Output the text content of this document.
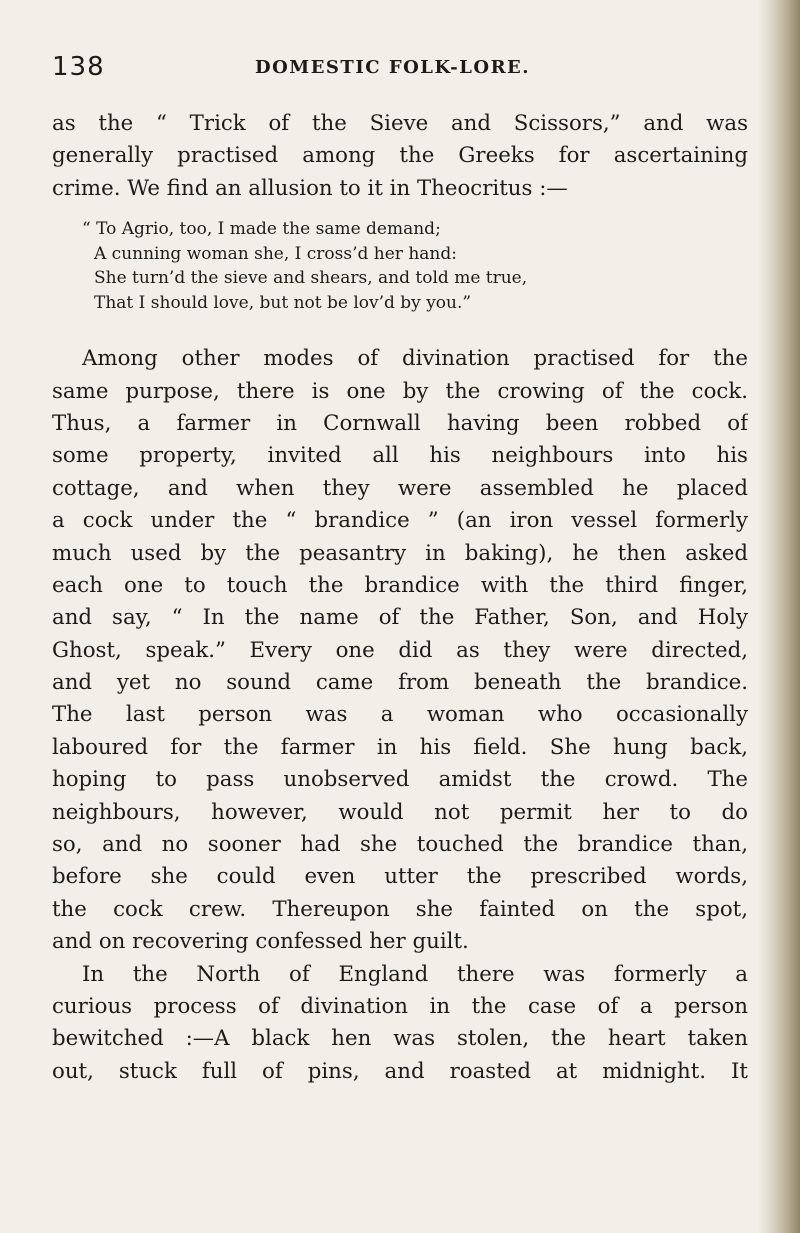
138	DOMESTIC FOLK-LORE.
as the “ Trick of the Sieve and Scissors,” and was
generally practised among the Greeks for ascertaining
crime. We find an allusion to it in Theocritus :—
“ To Agrio, too, I made the same demand;
A cunning woman she, I cross’d her hand:
She turn’d the sieve and shears, and told me true,
That I should love, but not be lov’d by you.”
Among other modes of divination practised for the
same purpose, there is one by the crowing of the cock.
Thus, a farmer in Cornwall having been robbed of
some property, invited all his neighbours into his
cottage, and when they were assembled he placed
a cock under the “ brandice ” (an iron vessel formerly
much used by the peasantry in baking), he then asked
each one to touch the brandice with the third finger,
and say, “ In the name of the Father, Son, and Holy
Ghost, speak.” Every one did as they were directed,
and yet no sound came from beneath the brandice.
The last person was a woman who occasionally
laboured for the farmer in his field. She hung back,
hoping to pass unobserved amidst the crowd. The
neighbours, however, would not permit her to do
so, and no sooner had she touched the brandice than,
before she could even utter the prescribed words,
the cock crew. Thereupon she fainted on the spot,
and on recovering confessed her guilt.
In the North of England there was formerly a
curious process of divination in the case of a person
bewitched :—A black hen was stolen, the heart taken
out, stuck full of pins, and roasted at midnight. It
